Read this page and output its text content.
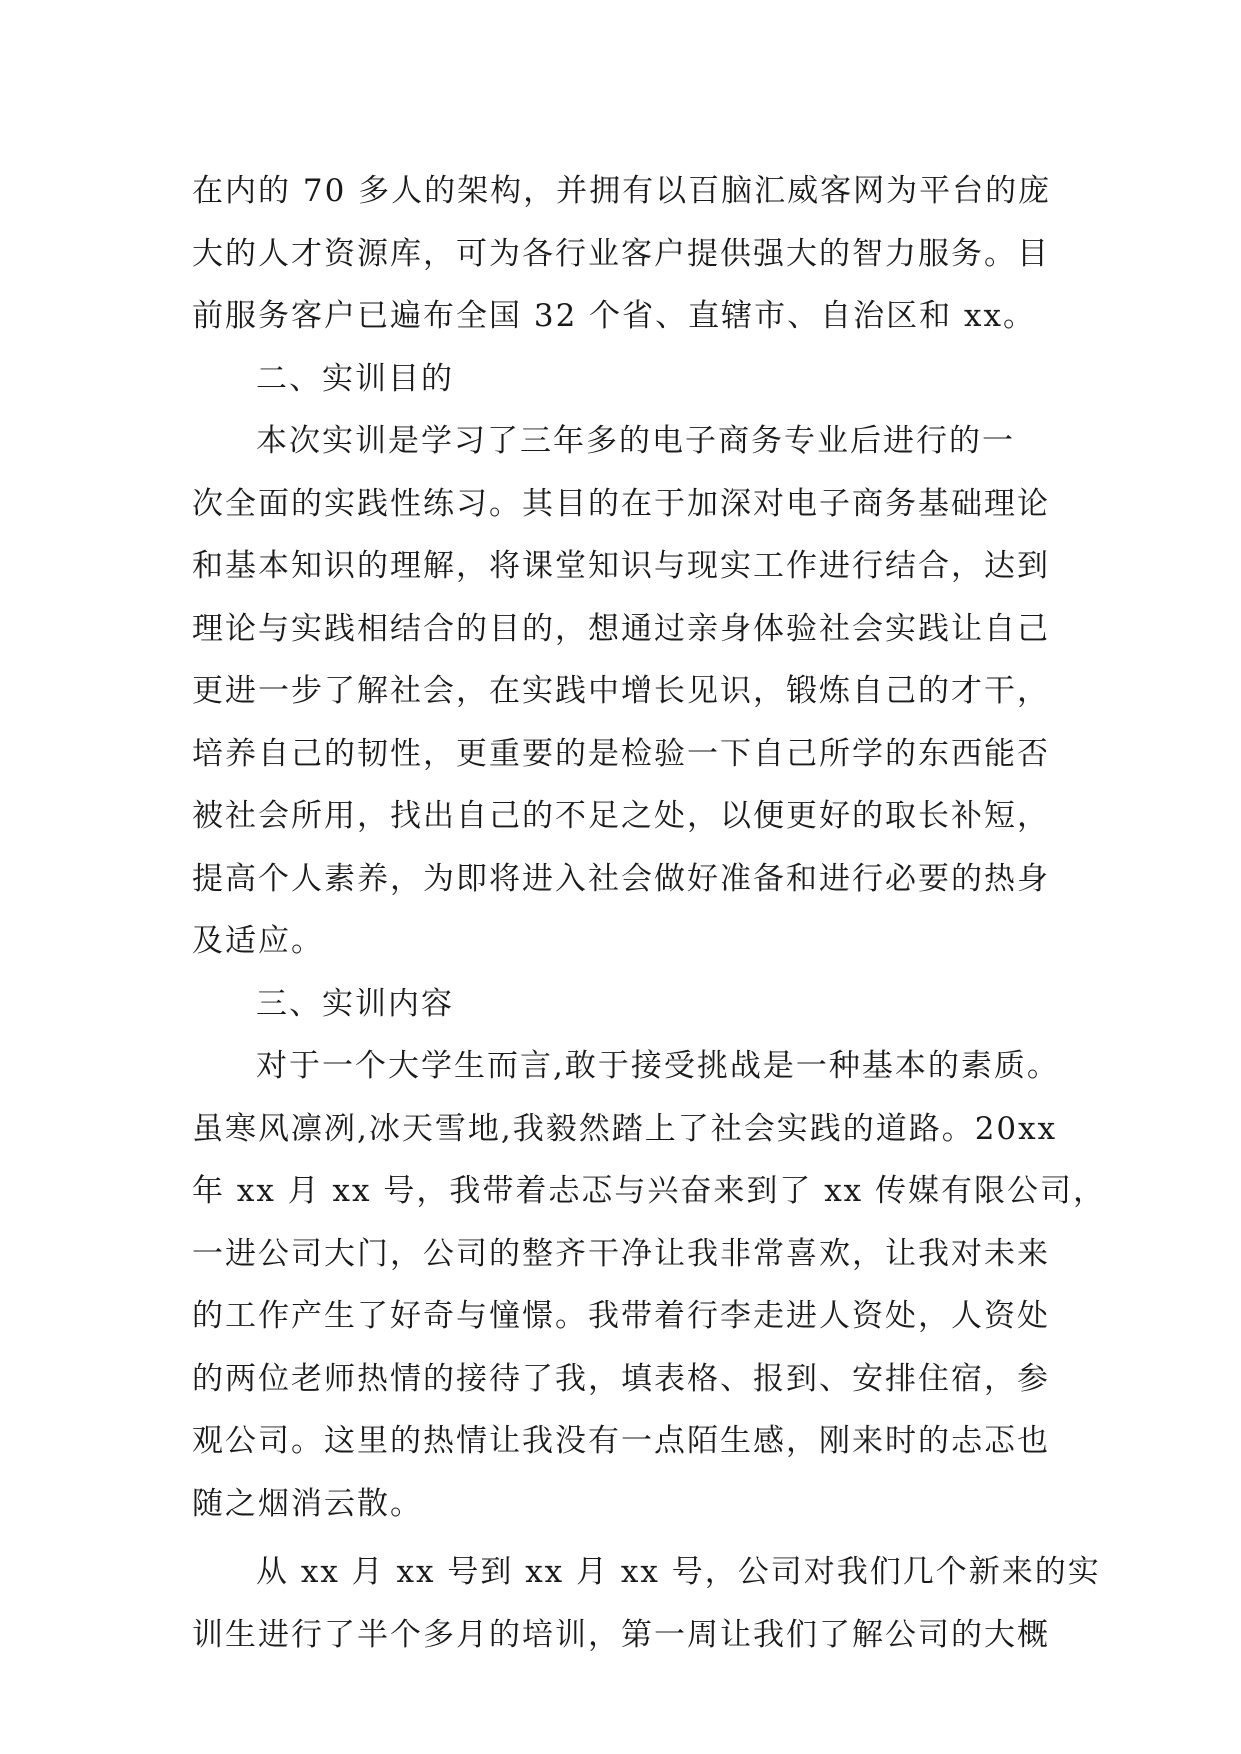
在内的 70 多人的架构，并拥有以百脑汇威客网为平台的庞
大的人才资源库，可为各行业客户提供强大的智力服务。目
前服务客户已遍布全国 32 个省、直辖市、自治区和 xx。
二、实训目的
本次实训是学习了三年多的电子商务专业后进行的一
次全面的实践性练习。其目的在于加深对电子商务基础理论
和基本知识的理解，将课堂知识与现实工作进行结合，达到
理论与实践相结合的目的，想通过亲身体验社会实践让自己
更进一步了解社会，在实践中增长见识，锻炼自己的才干，
培养自己的韧性，更重要的是检验一下自己所学的东西能否
被社会所用，找出自己的不足之处，以便更好的取长补短，
提高个人素养，为即将进入社会做好准备和进行必要的热身
及适应。
三、实训内容
对于一个大学生而言,敢于接受挑战是一种基本的素质。
虽寒风凛冽,冰天雪地,我毅然踏上了社会实践的道路。20xx
年 xx 月 xx 号，我带着忐忑与兴奋来到了 xx 传媒有限公司，
一进公司大门，公司的整齐干净让我非常喜欢，让我对未来
的工作产生了好奇与憧憬。我带着行李走进人资处，人资处
的两位老师热情的接待了我，填表格、报到、安排住宿，参
观公司。这里的热情让我没有一点陌生感，刚来时的忐忑也
随之烟消云散。
从 xx 月 xx 号到 xx 月 xx 号，公司对我们几个新来的实
训生进行了半个多月的培训，第一周让我们了解公司的大概
